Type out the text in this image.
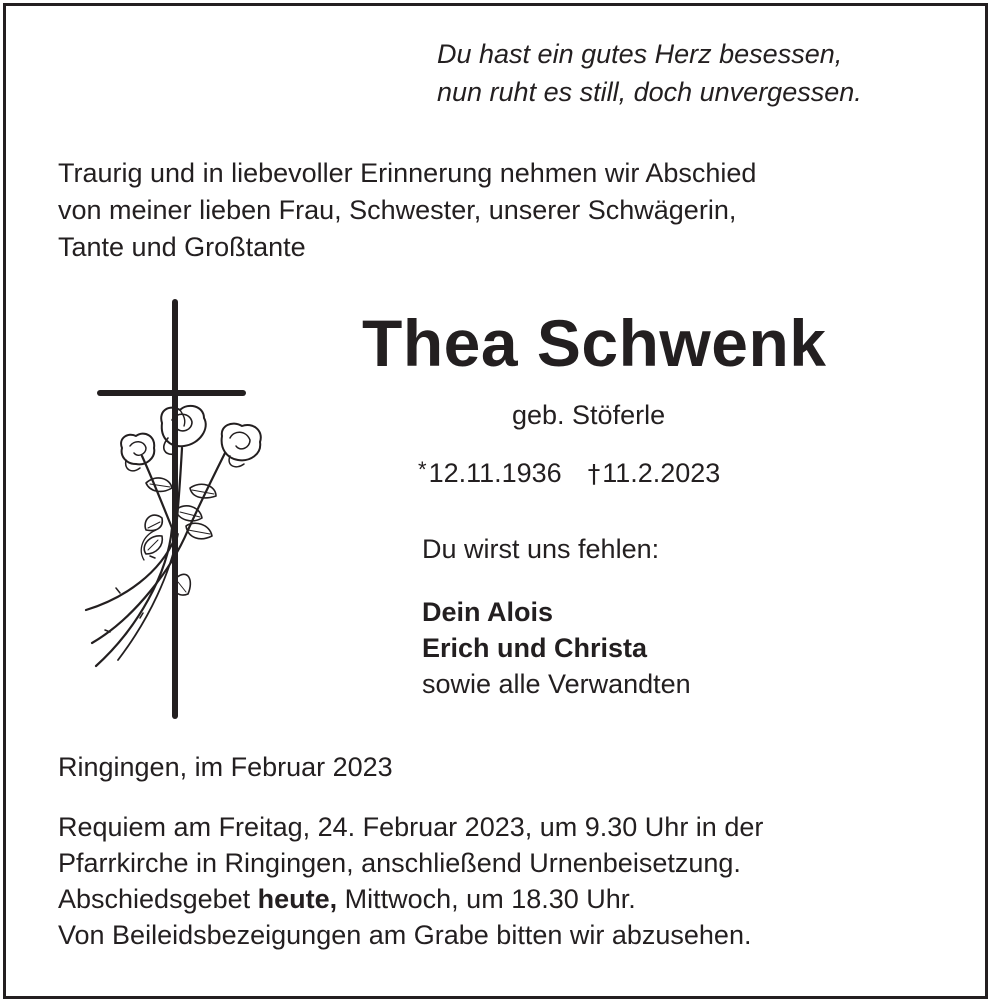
Du hast ein gutes Herz besessen,
nun ruht es still, doch unvergessen.
Traurig und in liebevoller Erinnerung nehmen wir Abschied
von meiner lieben Frau, Schwester, unserer Schwägerin,
Tante und Großtante
Thea Schwenk
geb. Stöferle
*12.11.1936 †11.2.2023
Du wirst uns fehlen:
Dein Alois
Erich und Christa
sowie alle Verwandten
Ringingen, im Februar 2023
Requiem am Freitag, 24. Februar 2023, um 9.30 Uhr in der
Pfarrkirche in Ringingen, anschließend Urnenbeisetzung.
Abschiedsgebet heute, Mittwoch, um 18.30 Uhr.
Von Beileidsbezeigungen am Grabe bitten wir abzusehen.
